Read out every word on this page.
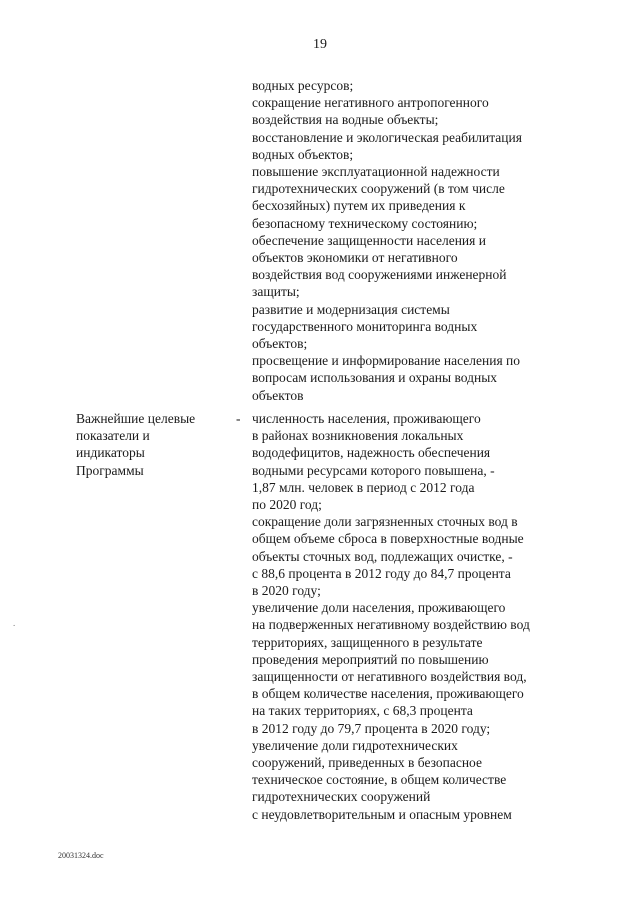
19
водных ресурсов;
сокращение негативного антропогенного
воздействия на водные объекты;
восстановление и экологическая реабилитация
водных объектов;
повышение эксплуатационной надежности
гидротехнических сооружений (в том числе
бесхозяйных) путем их приведения к
безопасному техническому состоянию;
обеспечение защищенности населения и
объектов экономики от негативного
воздействия вод сооружениями инженерной
защиты;
развитие и модернизация системы
государственного мониторинга водных
объектов;
просвещение и информирование населения по
вопросам использования и охраны водных
объектов
Важнейшие целевые
показатели и
индикаторы
Программы
- численность населения, проживающего
в районах возникновения локальных
вододефицитов, надежность обеспечения
водными ресурсами которого повышена, -
1,87 млн. человек в период с 2012 года
по 2020 год;
сокращение доли загрязненных сточных вод в
общем объеме сброса в поверхностные водные
объекты сточных вод, подлежащих очистке, -
с 88,6 процента в 2012 году до 84,7 процента
в 2020 году;
увеличение доли населения, проживающего
на подверженных негативному воздействию вод
территориях, защищенного в результате
проведения мероприятий по повышению
защищенности от негативного воздействия вод,
в общем количестве населения, проживающего
на таких территориях, с 68,3 процента
в 2012 году до 79,7 процента в 2020 году;
увеличение доли гидротехнических
сооружений, приведенных в безопасное
техническое состояние, в общем количестве
гидротехнических сооружений
с неудовлетворительным и опасным уровнем
.
20031324.doc
